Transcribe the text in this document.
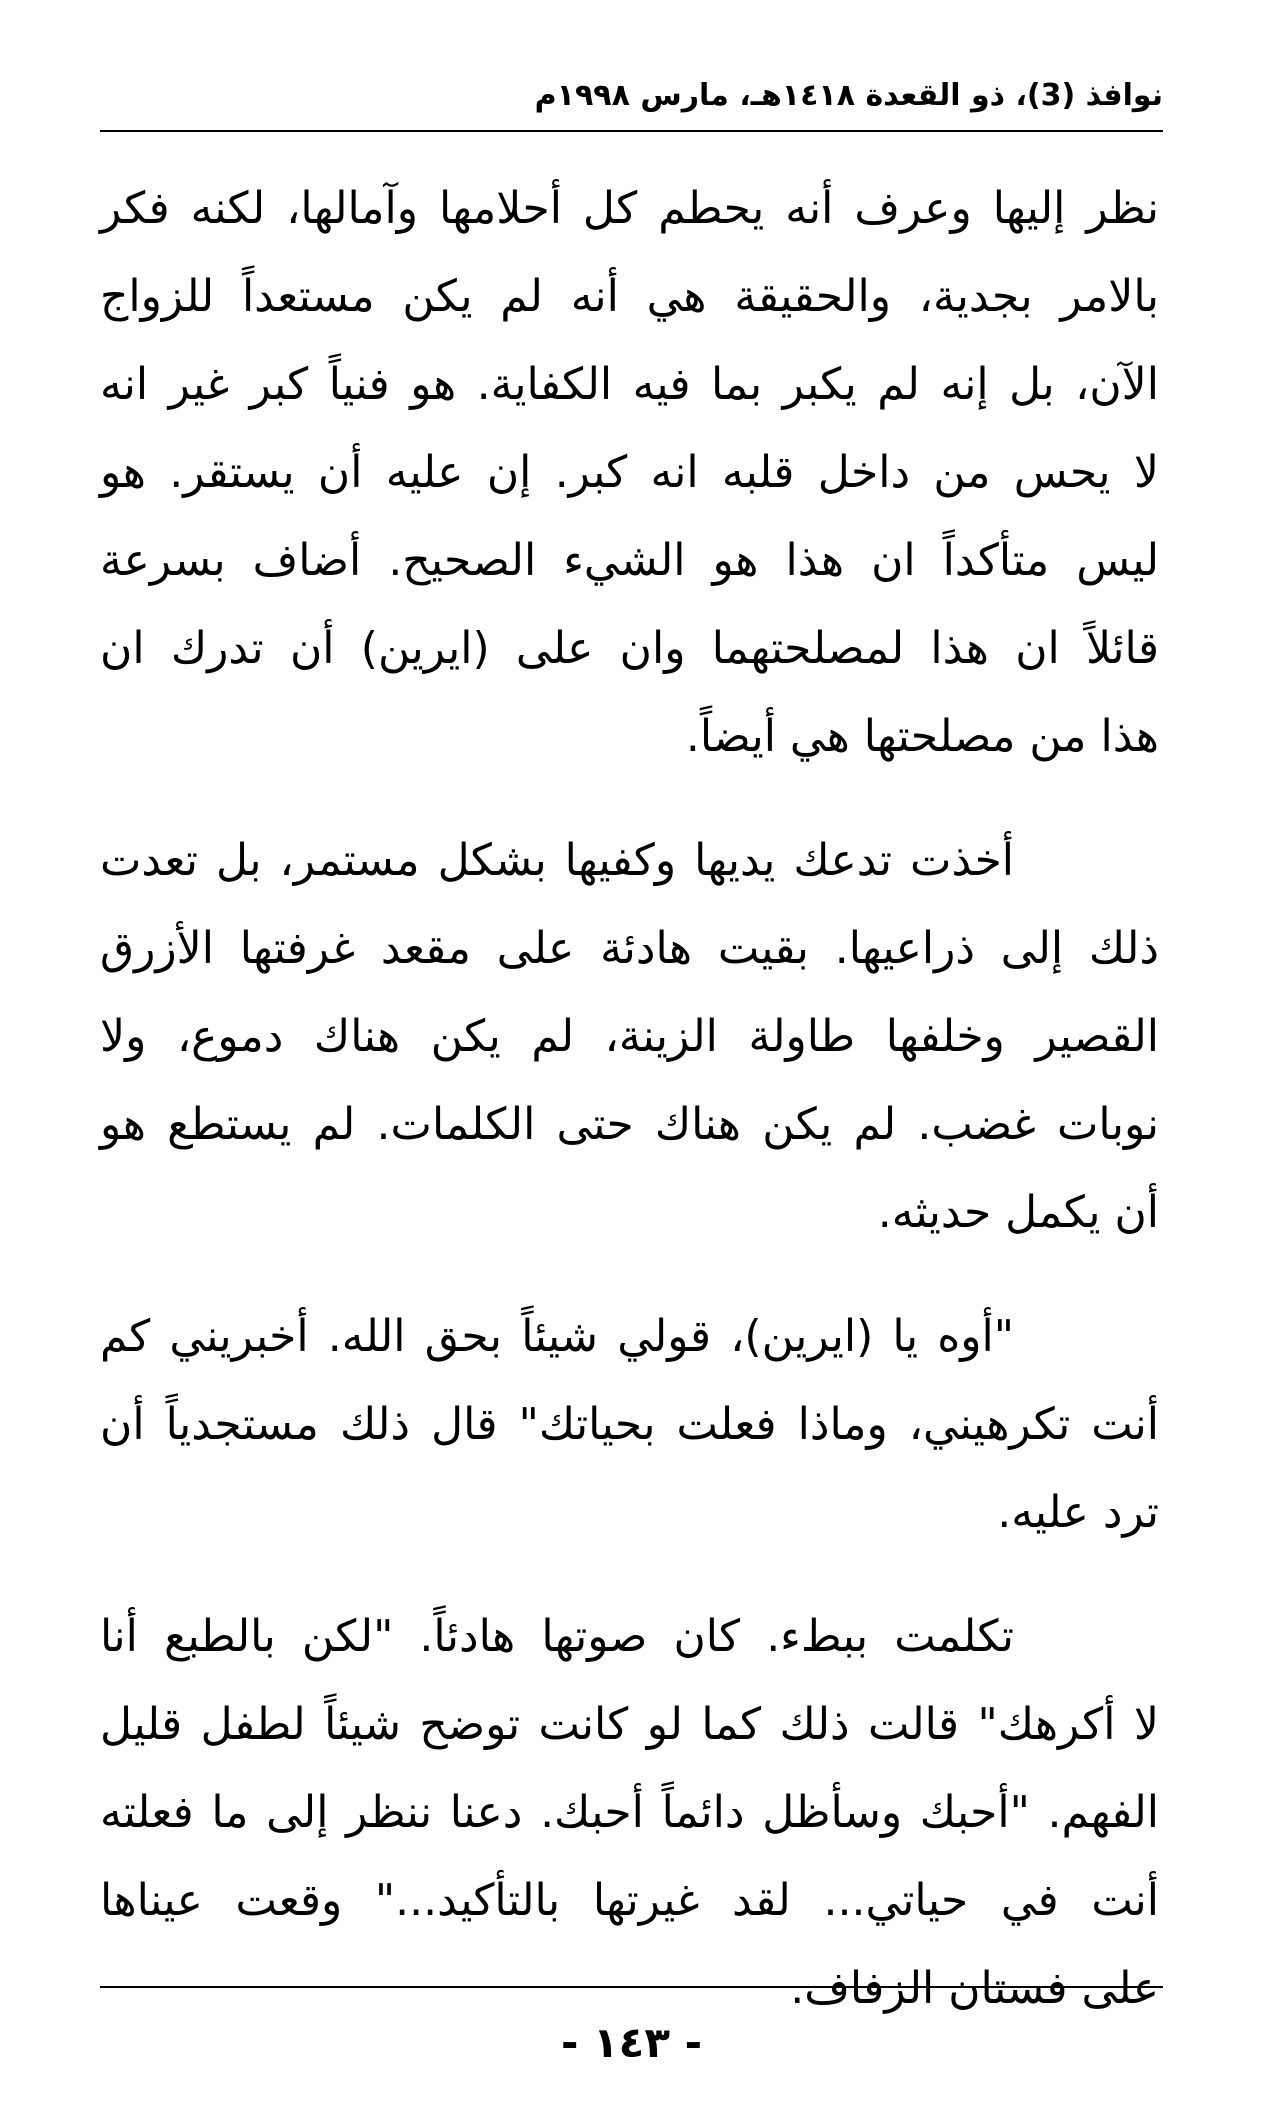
نوافذ (3)، ذو القعدة ١٤١٨هـ، مارس ١٩٩٨م

نظر إليها وعرف أنه يحطم كل أحلامها وآمالها، لكنه فكر
بالامر بجدية، والحقيقة هي أنه لم يكن مستعداً للزواج
الآن، بل إنه لم يكبر بما فيه الكفاية. هو فنياً كبر غير انه
لا يحس من داخل قلبه انه كبر. إن عليه أن يستقر. هو
ليس متأكداً ان هذا هو الشيء الصحيح. أضاف بسرعة
قائلاً ان هذا لمصلحتهما وان على (ايرين) أن تدرك ان
هذا من مصلحتها هي أيضاً.

أخذت تدعك يديها وكفيها بشكل مستمر، بل تعدت
ذلك إلى ذراعيها. بقيت هادئة على مقعد غرفتها الأزرق
القصير وخلفها طاولة الزينة، لم يكن هناك دموع، ولا
نوبات غضب. لم يكن هناك حتى الكلمات. لم يستطع هو
أن يكمل حديثه.

"أوه يا (ايرين)، قولي شيئاً بحق الله. أخبريني كم
أنت تكرهيني، وماذا فعلت بحياتك" قال ذلك مستجدياً أن
ترد عليه.

تكلمت ببطء. كان صوتها هادئاً. "لكن بالطبع أنا
لا أكرهك" قالت ذلك كما لو كانت توضح شيئاً لطفل قليل
الفهم. "أحبك وسأظل دائماً أحبك. دعنا ننظر إلى ما فعلته
أنت في حياتي... لقد غيرتها بالتأكيد..." وقعت عيناها
على فستان الزفاف.

- ١٤٣ -
